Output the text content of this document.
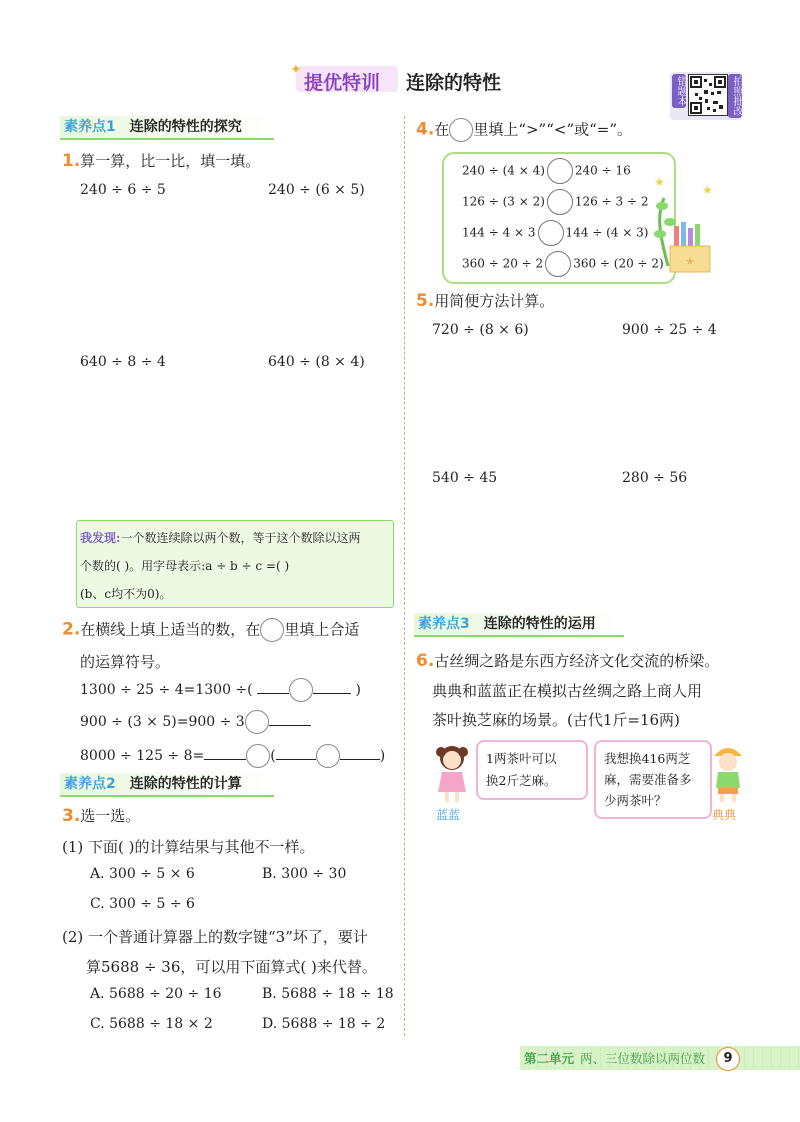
✦
提优特训 连除的特性	错题本	拍照批改
素养点1 连除的特性的探究
1.算一算，比一比，填一填。
240 ÷ 6 ÷ 5	240 ÷ (6 × 5)
640 ÷ 8 ÷ 4	640 ÷ (8 × 4)
我发现:一个数连续除以两个数，等于这个数除以这两
个数的( )。用字母表示:a ÷ b ÷ c =( )
(b、c均不为0)。
2.在横线上填上适当的数，在 里填上合适
的运算符号。
1300 ÷ 25 ÷ 4=1300 ÷(	)
900 ÷ (3 × 5)=900 ÷ 3
8000 ÷ 125 ÷ 8=	(	)
素养点2 连除的特性的计算
3.选一选。
(1) 下面( )的计算结果与其他不一样。
A. 300 ÷ 5 × 6	B. 300 ÷ 30
C. 300 ÷ 5 ÷ 6
(2) 一个普通计算器上的数字键“3”坏了，要计
算5688 ÷ 36，可以用下面算式( )来代替。
A. 5688 ÷ 20 ÷ 16	B. 5688 ÷ 18 ÷ 18
C. 5688 ÷ 18 × 2	D. 5688 ÷ 18 ÷ 2
4.在 里填上“>”“<”或“=”。
240 ÷ (4 × 4)	240 ÷ 16
126 ÷ (3 × 2)	126 ÷ 3 ÷ 2
144 ÷ 4 × 3	144 ÷ (4 × 3)
360 ÷ 20 ÷ 2	360 ÷ (20 ÷ 2)
★
★
★
5.用简便方法计算。
720 ÷ (8 × 6)	900 ÷ 25 ÷ 4
540 ÷ 45	280 ÷ 56
素养点3 连除的特性的运用
6.古丝绸之路是东西方经济文化交流的桥梁。
典典和蓝蓝正在模拟古丝绸之路上商人用
茶叶换芝麻的场景。(古代1斤=16两)
蓝蓝
1两茶叶可以
换2斤芝麻。
我想换416两芝
麻，需要准备多
少两茶叶？
典典
第二单元 两、三位数除以两位数	9
